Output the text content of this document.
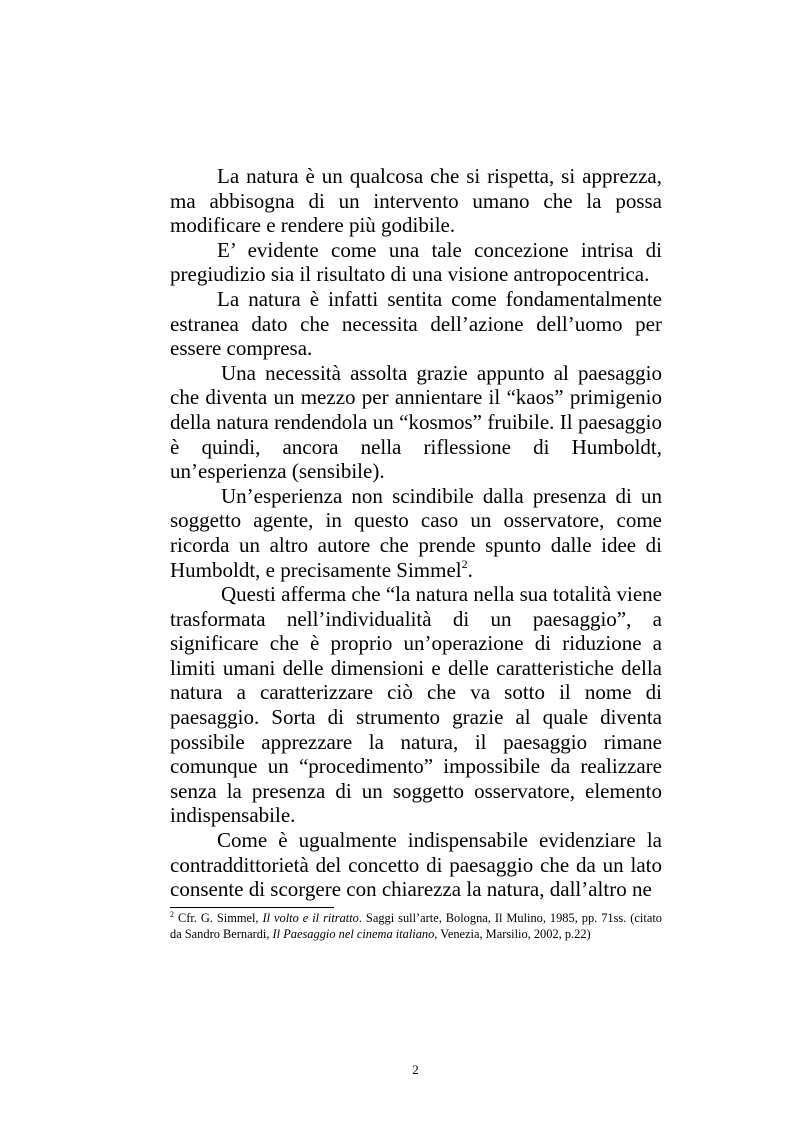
La natura è un qualcosa che si rispetta, si apprezza, ma abbisogna di un intervento umano che la possa modificare e rendere più godibile.

E’ evidente come una tale concezione intrisa di pregiudizio sia il risultato di una visione antropocentrica.

La natura è infatti sentita come fondamentalmente estranea dato che necessita dell’azione dell’uomo per essere compresa.

Una necessità assolta grazie appunto al paesaggio che diventa un mezzo per annientare il “kaos” primigenio della natura rendendola un “kosmos” fruibile. Il paesaggio è quindi, ancora nella riflessione di Humboldt, un’esperienza (sensibile).

Un’esperienza non scindibile dalla presenza di un soggetto agente, in questo caso un osservatore, come ricorda un altro autore che prende spunto dalle idee di Humboldt, e precisamente Simmel$^2$.

Questi afferma che “la natura nella sua totalità viene trasformata nell’individualità di un paesaggio”, a significare che è proprio un’operazione di riduzione a limiti umani delle dimensioni e delle caratteristiche della natura a caratterizzare ciò che va sotto il nome di paesaggio. Sorta di strumento grazie al quale diventa possibile apprezzare la natura, il paesaggio rimane comunque un “procedimento” impossibile da realizzare senza la presenza di un soggetto osservatore, elemento indispensabile.

Come è ugualmente indispensabile evidenziare la contraddittorietà del concetto di paesaggio che da un lato consente di scorgere con chiarezza la natura, dall’altro ne

$^2$ Cfr. G. Simmel, Il volto e il ritratto. Saggi sull’arte, Bologna, Il Mulino, 1985, pp. 71ss. (citato da Sandro Bernardi, Il Paesaggio nel cinema italiano, Venezia, Marsilio, 2002, p.22)
2
